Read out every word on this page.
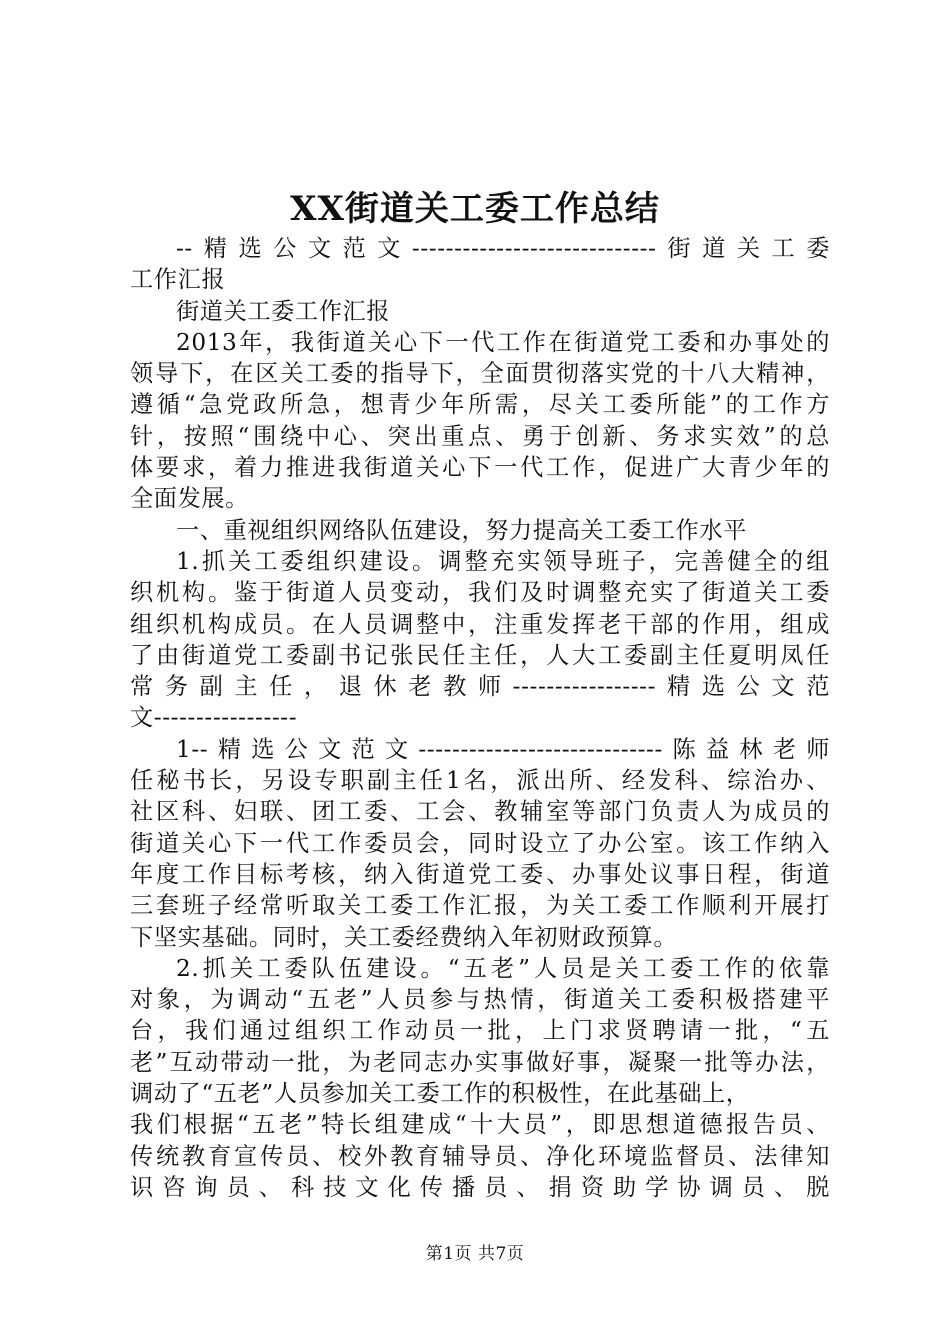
XX街道关工委工作总结
--精选公文范文-----------------------------街道关工委
工作汇报
街道关工委工作汇报
2013年，我街道关心下一代工作在街道党工委和办事处的
领导下，在区关工委的指导下，全面贯彻落实党的十八大精神，
遵循“急党政所急，想青少年所需，尽关工委所能”的工作方
针，按照“围绕中心、突出重点、勇于创新、务求实效”的总
体要求，着力推进我街道关心下一代工作，促进广大青少年的
全面发展。
一、重视组织网络队伍建设，努力提高关工委工作水平
1.抓关工委组织建设。调整充实领导班子，完善健全的组
织机构。鉴于街道人员变动，我们及时调整充实了街道关工委
组织机构成员。在人员调整中，注重发挥老干部的作用，组成
了由街道党工委副书记张民任主任，人大工委副主任夏明凤任
常务副主任，退休老教师-----------------精选公文范
文-----------------
1--精选公文范文-----------------------------陈益林老师
任秘书长，另设专职副主任1名，派出所、经发科、综治办、
社区科、妇联、团工委、工会、教辅室等部门负责人为成员的
街道关心下一代工作委员会，同时设立了办公室。该工作纳入
年度工作目标考核，纳入街道党工委、办事处议事日程，街道
三套班子经常听取关工委工作汇报，为关工委工作顺利开展打
下坚实基础。同时，关工委经费纳入年初财政预算。
2.抓关工委队伍建设。“五老”人员是关工委工作的依靠
对象，为调动“五老”人员参与热情，街道关工委积极搭建平
台，我们通过组织工作动员一批，上门求贤聘请一批，“五
老”互动带动一批，为老同志办实事做好事，凝聚一批等办法，
调动了“五老”人员参加关工委工作的积极性，在此基础上，
我们根据“五老”特长组建成“十大员”，即思想道德报告员、
传统教育宣传员、校外教育辅导员、净化环境监督员、法律知
识咨询员、科技文化传播员、捐资助学协调员、脱
第1页 共7页
